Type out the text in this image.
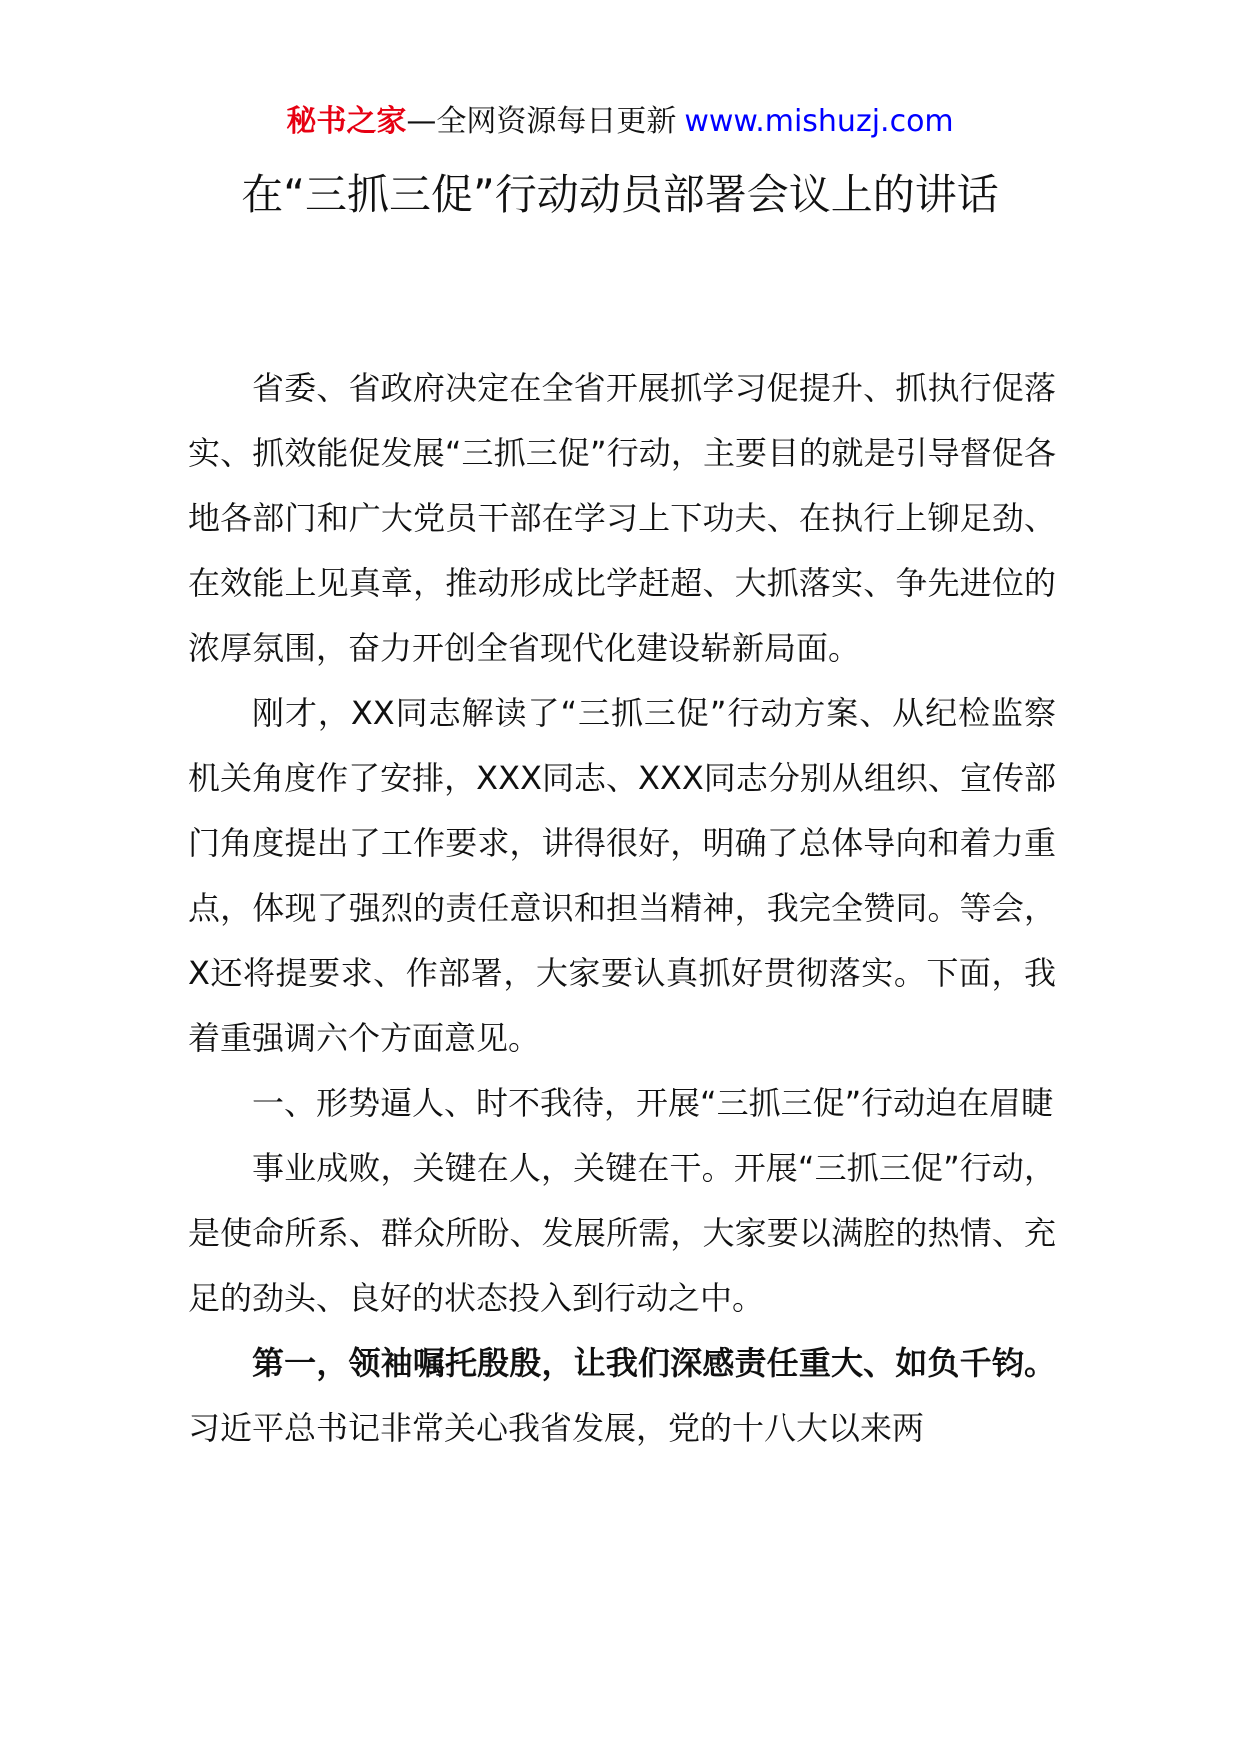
秘书之家—全网资源每日更新 www.mishuzj.com
在“三抓三促”行动动员部署会议上的讲话

省委、省政府决定在全省开展抓学习促提升、抓执行促落实、抓效能促发展“三抓三促”行动，主要目的就是引导督促各地各部门和广大党员干部在学习上下功夫、在执行上铆足劲、在效能上见真章，推动形成比学赶超、大抓落实、争先进位的浓厚氛围，奋力开创全省现代化建设崭新局面。

刚才，XX同志解读了“三抓三促”行动方案、从纪检监察机关角度作了安排，XXX同志、XXX同志分别从组织、宣传部门角度提出了工作要求，讲得很好，明确了总体导向和着力重点，体现了强烈的责任意识和担当精神，我完全赞同。等会，X还将提要求、作部署，大家要认真抓好贯彻落实。下面，我着重强调六个方面意见。

一、形势逼人、时不我待，开展“三抓三促”行动迫在眉睫

事业成败，关键在人，关键在干。开展“三抓三促”行动，是使命所系、群众所盼、发展所需，大家要以满腔的热情、充足的劲头、良好的状态投入到行动之中。

第一，领袖嘱托殷殷，让我们深感责任重大、如负千钧。习近平总书记非常关心我省发展，党的十八大以来两
